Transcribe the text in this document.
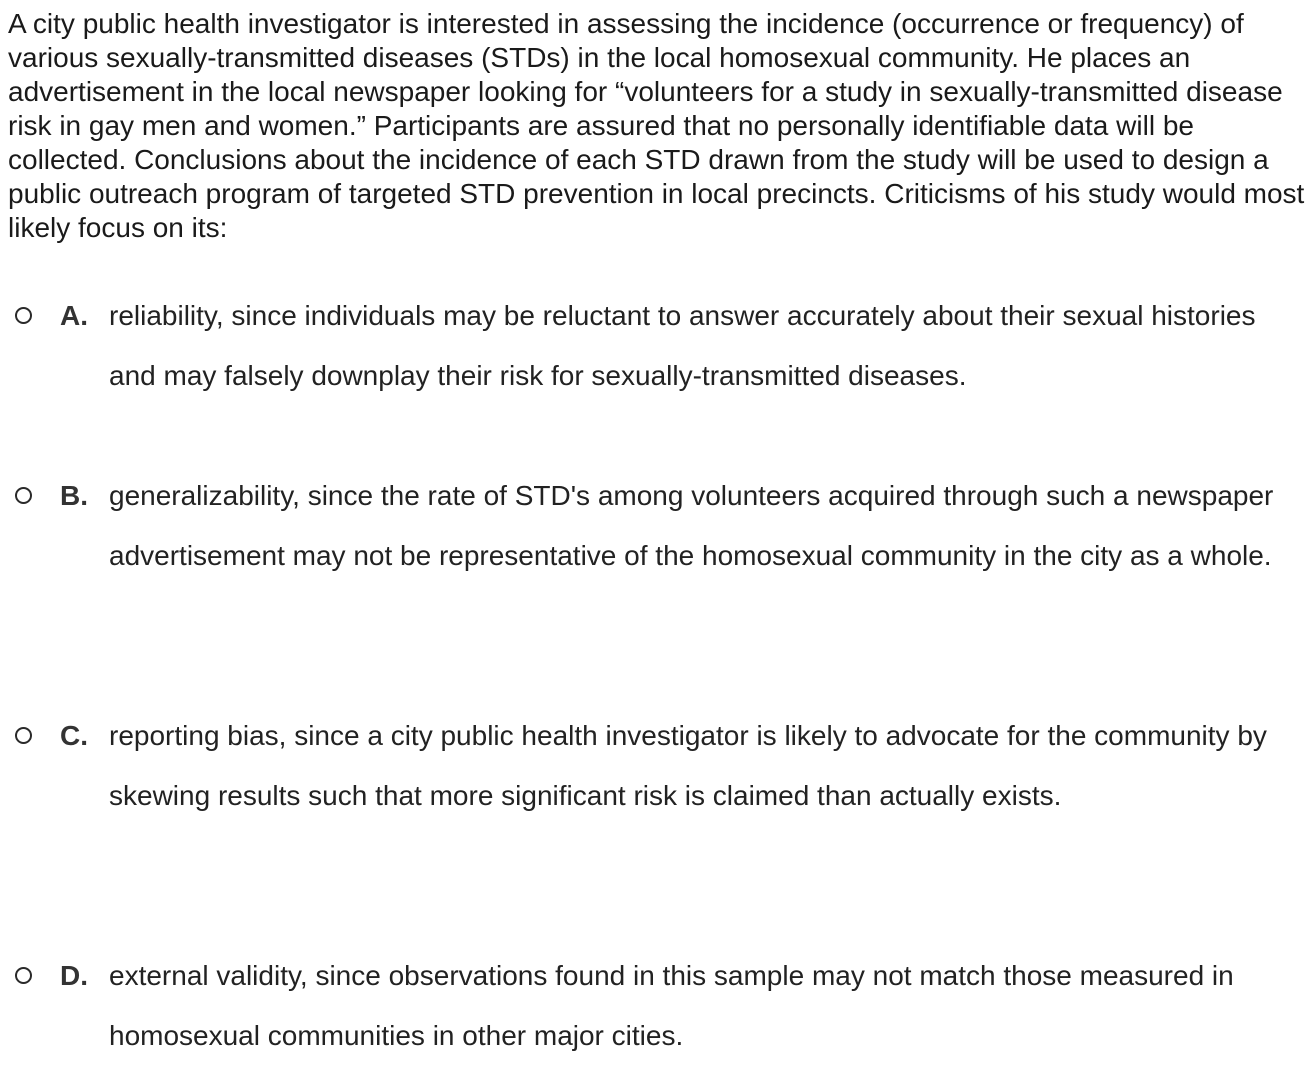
A city public health investigator is interested in assessing the incidence (occurrence or frequency) of various sexually-transmitted diseases (STDs) in the local homosexual community. He places an advertisement in the local newspaper looking for “volunteers for a study in sexually-transmitted disease risk in gay men and women.” Participants are assured that no personally identifiable data will be collected. Conclusions about the incidence of each STD drawn from the study will be used to design a public outreach program of targeted STD prevention in local precincts. Criticisms of his study would most likely focus on its:

A. reliability, since individuals may be reluctant to answer accurately about their sexual histories and may falsely downplay their risk for sexually-transmitted diseases.
B. generalizability, since the rate of STD's among volunteers acquired through such a newspaper advertisement may not be representative of the homosexual community in the city as a whole.
C. reporting bias, since a city public health investigator is likely to advocate for the community by skewing results such that more significant risk is claimed than actually exists.
D. external validity, since observations found in this sample may not match those measured in homosexual communities in other major cities.
